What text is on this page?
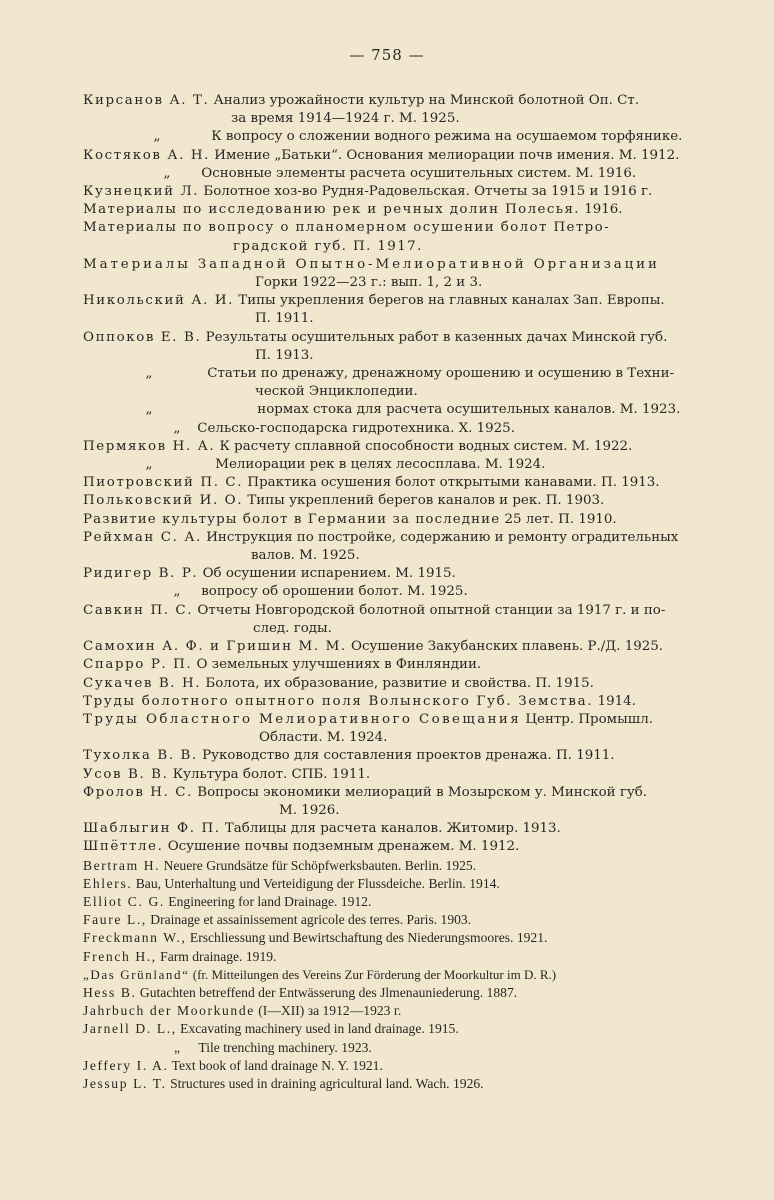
— 758 —

Кирсанов А. Т. Анализ урожайности культур на Минской болотной Оп. Ст.
за время 1914—1924 г. М. 1925.

„	К вопросу о сложении водного режима на осушаемом торфянике.

Костяков А. Н. Имение „Батьки“. Основания мелиорации почв имения. М. 1912.

„ Основные элементы расчета осушительных систем. М. 1916.

Кузнецкий Л. Болотное хоз-во Рудня-Радовельская. Отчеты за 1915 и 1916 г.

Материалы по исследованию рек и речных долин Полесья. 1916.

Материалы по вопросу о планомерном осушении болот Петро-
градской губ. П. 1917.

Материалы Западной Опытно-Мелиоративной Организации
Горки 1922—23 г.: вып. 1, 2 и 3.

Никольский А. И. Типы укрепления берегов на главных каналах Зап. Европы.
П. 1911.

Оппоков Е. В. Результаты осушительных работ в казенных дачах Минской губ.
П. 1913.

„	Статьи по дренажу, дренажному орошению и осушению в Техни-
ческой Энциклопедии.

„	нормах стока для расчета осушительных каналов. М. 1923.

„ Сельско-господарска гидротехника. Х. 1925.

Пермяков Н. А. К расчету сплавной способности водных систем. М. 1922.

„	Мелиорации рек в целях лесосплава. М. 1924.

Пиотровский П. С. Практика осушения болот открытыми канавами. П. 1913.

Польковский И. О. Типы укреплений берегов каналов и рек. П. 1903.

Развитие культуры болот в Германии за последние 25 лет. П. 1910.

Рейхман С. А. Инструкция по постройке, содержанию и ремонту оградительных
валов. М. 1925.

Ридигер В. Р. Об осушении испарением. М. 1915.

„ вопросу об орошении болот. М. 1925.

Савкин П. С. Отчеты Новгородской болотной опытной станции за 1917 г. и по-
след. годы.

Самохин А. Ф. и Гришин М. М. Осушение Закубанских плавень. Р./Д. 1925.

Спарро Р. П. О земельных улучшениях в Финляндии.

Сукачев В. Н. Болота, их образование, развитие и свойства. П. 1915.

Труды болотного опытного поля Волынского Губ. Земства. 1914.

Труды Областного Мелиоративного Совещания Центр. Промышл.
Области. М. 1924.

Тухолка В. В. Руководство для составления проектов дренажа. П. 1911.

Усов В. В. Культура болот. СПБ. 1911.

Фролов Н. С. Вопросы экономики мелиораций в Мозырском у. Минской губ.
М. 1926.

Шаблыгин Ф. П. Таблицы для расчета каналов. Житомир. 1913.

Шпёттле. Осушение почвы подземным дренажем. М. 1912.

Bertram H. Neuere Grundsätze für Schöpfwerksbauten. Berlin. 1925.

Ehlers. Bau, Unterhaltung und Verteidigung der Flussdeiche. Berlin. 1914.

Elliot C. G. Engineering for land Drainage. 1912.

Faure L., Drainage et assainissement agricole des terres. Paris. 1903.

Freckmann W., Erschliessung und Bewirtschaftung des Niederungsmoores. 1921.

French H., Farm drainage. 1919.

„Das Grünland“ (fr. Mitteilungen des Vereins Zur Förderung der Moorkultur im D. R.)

Hess B. Gutachten betreffend der Entwässerung des Jlmenauniederung. 1887.

Jahrbuch der Moorkunde (I—XII) за 1912—1923 г.

Jarnell D. L., Excavating machinery used in land drainage. 1915.

„ Tile trenching machinery. 1923.

Jeffery I. A. Text book of land drainage N. Y. 1921.

Jessup L. T. Structures used in draining agricultural land. Wach. 1926.
